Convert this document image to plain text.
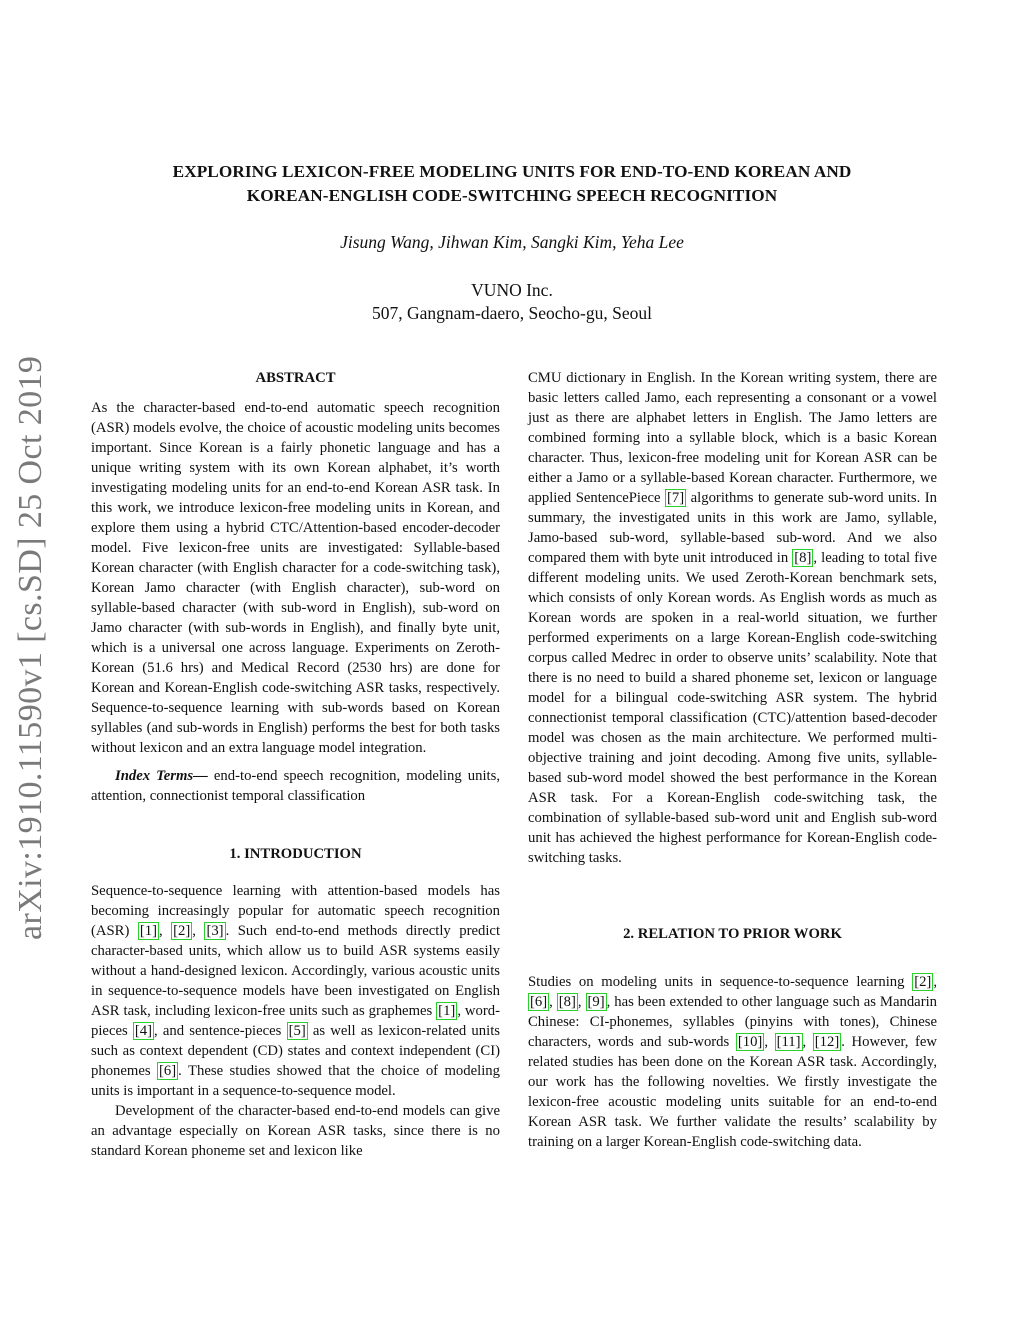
arXiv:1910.11590v1 [cs.SD] 25 Oct 2019
EXPLORING LEXICON-FREE MODELING UNITS FOR END-TO-END KOREAN AND
KOREAN-ENGLISH CODE-SWITCHING SPEECH RECOGNITION
Jisung Wang, Jihwan Kim, Sangki Kim, Yeha Lee
VUNO Inc.
507, Gangnam-daero, Seocho-gu, Seoul

ABSTRACT

As the character-based end-to-end automatic speech recognition (ASR) models evolve, the choice of acoustic modeling units becomes important. Since Korean is a fairly phonetic language and has a unique writing system with its own Korean alphabet, it’s worth investigating modeling units for an end-to-end Korean ASR task. In this work, we introduce lexicon-free modeling units in Korean, and explore them using a hybrid CTC/Attention-based encoder-decoder model. Five lexicon-free units are investigated: Syllable-based Korean character (with English character for a code-switching task), Korean Jamo character (with English character), sub-word on syllable-based character (with sub-word in English), sub-word on Jamo character (with sub-words in English), and finally byte unit, which is a universal one across language. Experiments on Zeroth-Korean (51.6 hrs) and Medical Record (2530 hrs) are done for Korean and Korean-English code-switching ASR tasks, respectively. Sequence-to-sequence learning with sub-words based on Korean syllables (and sub-words in English) performs the best for both tasks without lexicon and an extra language model integration.

Index Terms— end-to-end speech recognition, modeling units, attention, connectionist temporal classification

1. INTRODUCTION

Sequence-to-sequence learning with attention-based models has becoming increasingly popular for automatic speech recognition (ASR) [1] , [2] , [3] . Such end-to-end methods directly predict character-based units, which allow us to build ASR systems easily without a hand-designed lexicon. Accordingly, various acoustic units in sequence-to-sequence models have been investigated on English ASR task, including lexicon-free units such as graphemes [1] , word-pieces [4] , and sentence-pieces [5] as well as lexicon-related units such as context dependent (CD) states and context independent (CI) phonemes [6] . These studies showed that the choice of modeling units is important in a sequence-to-sequence model.

Development of the character-based end-to-end models can give an advantage especially on Korean ASR tasks, since there is no standard Korean phoneme set and lexicon like

CMU dictionary in English. In the Korean writing system, there are basic letters called Jamo, each representing a consonant or a vowel just as there are alphabet letters in English. The Jamo letters are combined forming into a syllable block, which is a basic Korean character. Thus, lexicon-free modeling unit for Korean ASR can be either a Jamo or a syllable-based Korean character. Furthermore, we applied SentencePiece [7] algorithms to generate sub-word units. In summary, the investigated units in this work are Jamo, syllable, Jamo-based sub-word, syllable-based sub-word. And we also compared them with byte unit introduced in [8] , leading to total five different modeling units. We used Zeroth-Korean benchmark sets, which consists of only Korean words. As English words as much as Korean words are spoken in a real-world situation, we further performed experiments on a large Korean-English code-switching corpus called Medrec in order to observe units’ scalability. Note that there is no need to build a shared phoneme set, lexicon or language model for a bilingual code-switching ASR system. The hybrid connectionist temporal classification (CTC)/attention based-decoder model was chosen as the main architecture. We performed multi-objective training and joint decoding. Among five units, syllable-based sub-word model showed the best performance in the Korean ASR task. For a Korean-English code-switching task, the combination of syllable-based sub-word unit and English sub-word unit has achieved the highest performance for Korean-English code-switching tasks.

2. RELATION TO PRIOR WORK

Studies on modeling units in sequence-to-sequence learning [2] , [6] , [8] , [9] , has been extended to other language such as Mandarin Chinese: CI-phonemes, syllables (pinyins with tones), Chinese characters, words and sub-words [10] , [11] , [12] . However, few related studies has been done on the Korean ASR task. Accordingly, our work has the following novelties. We firstly investigate the lexicon-free acoustic modeling units suitable for an end-to-end Korean ASR task. We further validate the results’ scalability by training on a larger Korean-English code-switching data.
